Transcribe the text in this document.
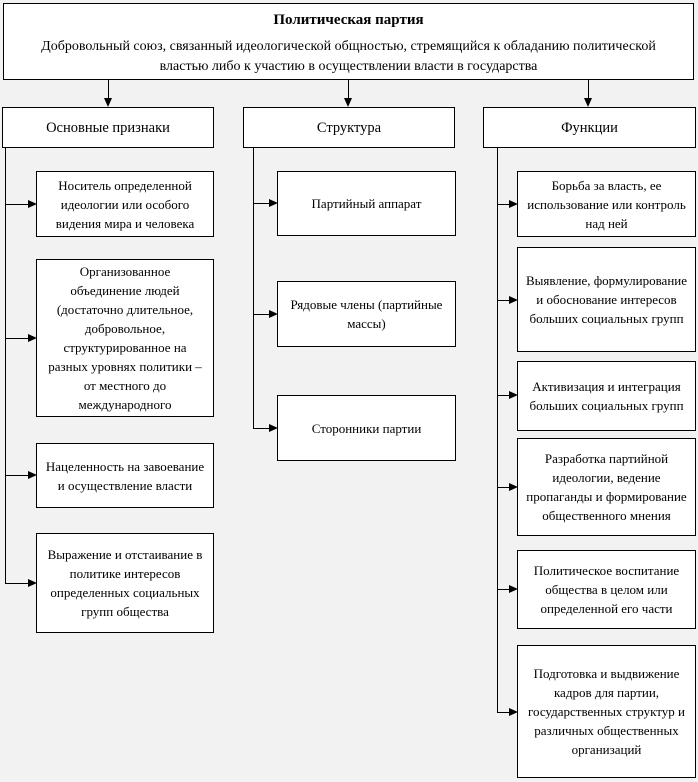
Политическая партия
Добровольный союз, связанный идеологической общностью, стремящийся к обладанию политической властью либо к участию в осуществлении власти в государства
Основные признаки	Структура	Функции
Носитель определенной идеологии или особого видения мира и человека
Организованное объединение людей (достаточно длительное, добровольное, структурированное на разных уровнях политики – от местного до международного
Нацеленность на завоевание и осуществление власти
Выражение и отстаивание в политике интересов определенных социальных групп общества
Партийный аппарат
Рядовые члены (партийные массы)
Сторонники партии
Борьба за власть, ее использование или контроль над ней
Выявление, формулирование и обоснование интересов больших социальных групп
Активизация и интеграция больших социальных групп
Разработка партийной идеологии, ведение пропаганды и формирование общественного мнения
Политическое воспитание общества в целом или определенной его части
Подготовка и выдвижение кадров для партии, государственных структур и различных общественных организаций
